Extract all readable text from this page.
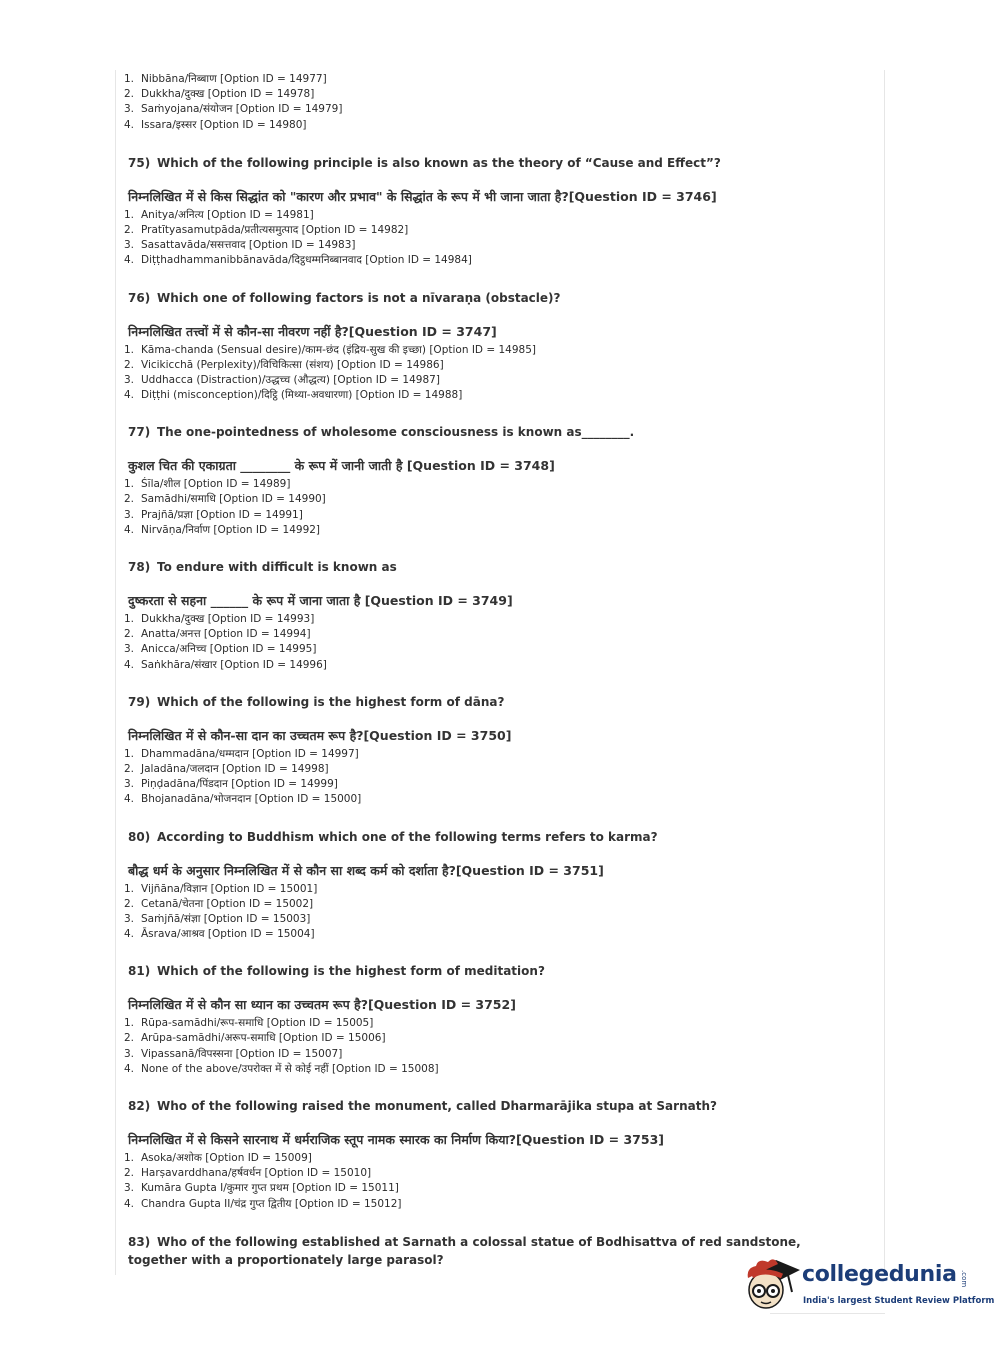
1. Nibbāna/निब्बाण [Option ID = 14977]
2. Dukkha/दुक्ख [Option ID = 14978]
3. Saṁyojana/संयोजन [Option ID = 14979]
4. Issara/इस्सर [Option ID = 14980]
75) Which of the following principle is also known as the theory of “Cause and Effect”?
निम्नलिखित में से किस सिद्धांत को "कारण और प्रभाव" के सिद्धांत के रूप में भी जाना जाता है?[Question ID = 3746]
1. Anitya/अनित्य [Option ID = 14981]
2. Pratītyasamutpāda/प्रतीत्यसमुत्पाद [Option ID = 14982]
3. Sasattavāda/ससत्तवाद [Option ID = 14983]
4. Diṭṭhadhammanibbānavāda/दिट्ठधम्मनिब्बानवाद [Option ID = 14984]
76) Which one of following factors is not a nīvaraṇa (obstacle)?
निम्नलिखित तत्त्वों में से कौन-सा नीवरण नहीं है?[Question ID = 3747]
1. Kāma-chanda (Sensual desire)/काम-छंद (इंद्रिय-सुख की इच्छा) [Option ID = 14985]
2. Vicikicchā (Perplexity)/विचिकित्सा (संशय) [Option ID = 14986]
3. Uddhacca (Distraction)/उद्धच्च (औद्धत्य) [Option ID = 14987]
4. Diṭṭhi (misconception)/दिट्ठि (मिथ्या-अवधारणा) [Option ID = 14988]
77) The one-pointedness of wholesome consciousness is known as________.
कुशल चित की एकाग्रता ________ के रूप में जानी जाती है [Question ID = 3748]
1. Śīla/शील [Option ID = 14989]
2. Samādhi/समाधि [Option ID = 14990]
3. Prajñā/प्रज्ञा [Option ID = 14991]
4. Nirvāṇa/निर्वाण [Option ID = 14992]
78) To endure with difficult is known as
दुष्करता से सहना ______ के रूप में जाना जाता है [Question ID = 3749]
1. Dukkha/दुक्ख [Option ID = 14993]
2. Anatta/अनत्त [Option ID = 14994]
3. Anicca/अनिच्च [Option ID = 14995]
4. Saṅkhāra/संखार [Option ID = 14996]
79) Which of the following is the highest form of dāna?
निम्नलिखित में से कौन-सा दान का उच्चतम रूप है?[Question ID = 3750]
1. Dhammadāna/धम्मदान [Option ID = 14997]
2. Jaladāna/जलदान [Option ID = 14998]
3. Piṇḍadāna/पिंडदान [Option ID = 14999]
4. Bhojanadāna/भोजनदान [Option ID = 15000]
80) According to Buddhism which one of the following terms refers to karma?
बौद्ध धर्म के अनुसार निम्नलिखित में से कौन सा शब्द कर्म को दर्शाता है?[Question ID = 3751]
1. Vijñāna/विज्ञान [Option ID = 15001]
2. Cetanā/चेतना [Option ID = 15002]
3. Saṁjñā/संज्ञा [Option ID = 15003]
4. Āsrava/आश्रव [Option ID = 15004]
81) Which of the following is the highest form of meditation?
निम्नलिखित में से कौन सा ध्यान का उच्चतम रूप है?[Question ID = 3752]
1. Rūpa-samādhi/रूप-समाधि [Option ID = 15005]
2. Arūpa-samādhi/अरूप-समाधि [Option ID = 15006]
3. Vipassanā/विपस्सना [Option ID = 15007]
4. None of the above/उपरोक्त में से कोई नहीं [Option ID = 15008]
82) Who of the following raised the monument, called Dharmarājika stupa at Sarnath?
निम्नलिखित में से किसने सारनाथ में धर्मराजिक स्तूप नामक स्मारक का निर्माण किया?[Question ID = 3753]
1. Asoka/अशोक [Option ID = 15009]
2. Harṣavarddhana/हर्षवर्धन [Option ID = 15010]
3. Kumāra Gupta I/कुमार गुप्त प्रथम [Option ID = 15011]
4. Chandra Gupta II/चंद्र गुप्त द्वितीय [Option ID = 15012]
83) Who of the following established at Sarnath a colossal statue of Bodhisattva of red sandstone, together with a proportionately large parasol?
collegedunia .com
India's largest Student Review Platform
